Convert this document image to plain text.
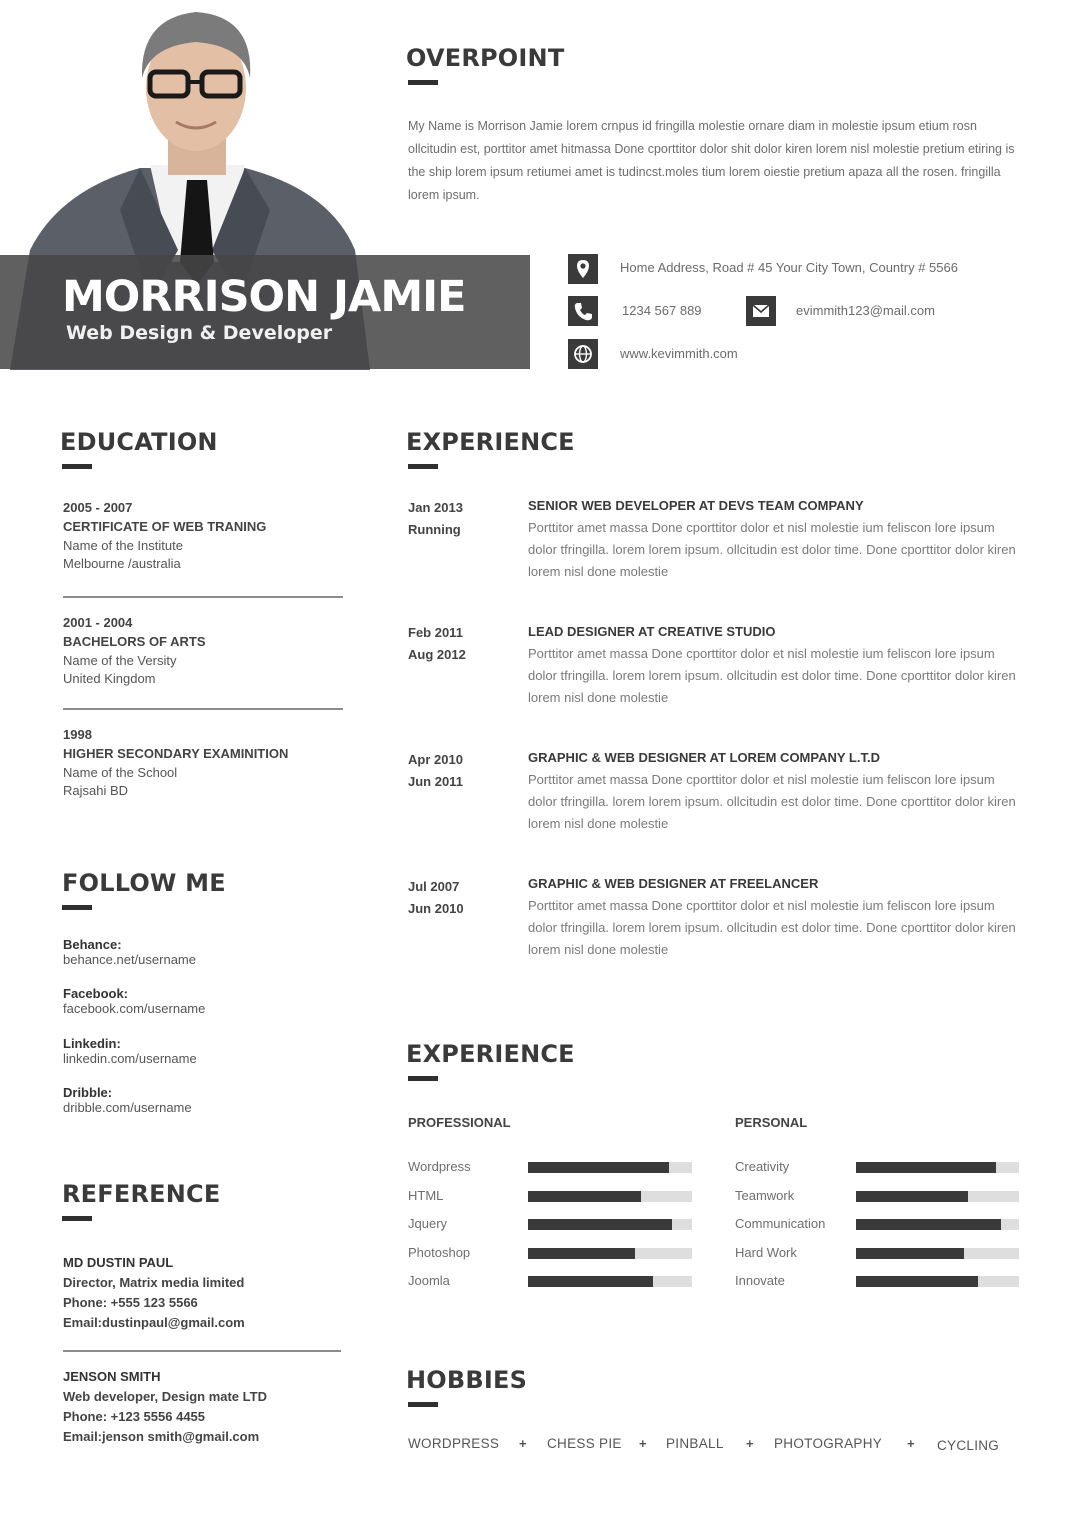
MORRISON JAMIE
Web Design & Developer
OVERPOINT
My Name is Morrison Jamie lorem crnpus id fringilla molestie ornare diam in molestie ipsum etium rosn ollcitudin est, porttitor amet hitmassa Done cporttitor dolor shit dolor kiren lorem nisl molestie pretium etiring is the ship lorem ipsum retiumei amet is tudincst.moles tium lorem oiestie pretium apaza all the rosen. fringilla lorem ipsum.
Home Address, Road # 45 Your City Town, Country # 5566
1234 567 889	evimmith123@mail.com
www.kevimmith.com
EDUCATION
2005 - 2007
CERTIFICATE OF WEB TRANING
Name of the Institute
Melbourne /australia
2001 - 2004
BACHELORS OF ARTS
Name of the Versity
United Kingdom
1998
HIGHER SECONDARY EXAMINITION
Name of the School
Rajsahi BD
FOLLOW ME
Behance:
behance.net/username
Facebook:
facebook.com/username
Linkedin:
linkedin.com/username
Dribble:
dribble.com/username
REFERENCE
MD DUSTIN PAUL
Director, Matrix media limited
Phone: +555 123 5566
Email:dustinpaul@gmail.com
JENSON SMITH
Web developer, Design mate LTD
Phone: +123 5556 4455
Email:jenson smith@gmail.com
EXPERIENCE
Jan 2013
Running
SENIOR WEB DEVELOPER AT DEVS TEAM COMPANY
Porttitor amet massa Done cporttitor dolor et nisl molestie ium feliscon lore ipsum dolor tfringilla. lorem lorem ipsum. ollcitudin est dolor time. Done cporttitor dolor kiren lorem nisl done molestie
Feb 2011
Aug 2012
LEAD DESIGNER AT CREATIVE STUDIO
Porttitor amet massa Done cporttitor dolor et nisl molestie ium feliscon lore ipsum dolor tfringilla. lorem lorem ipsum. ollcitudin est dolor time. Done cporttitor dolor kiren lorem nisl done molestie
Apr 2010
Jun 2011
GRAPHIC & WEB DESIGNER AT LOREM COMPANY L.T.D
Porttitor amet massa Done cporttitor dolor et nisl molestie ium feliscon lore ipsum dolor tfringilla. lorem lorem ipsum. ollcitudin est dolor time. Done cporttitor dolor kiren lorem nisl done molestie
Jul 2007
Jun 2010
GRAPHIC & WEB DESIGNER AT FREELANCER
Porttitor amet massa Done cporttitor dolor et nisl molestie ium feliscon lore ipsum dolor tfringilla. lorem lorem ipsum. ollcitudin est dolor time. Done cporttitor dolor kiren lorem nisl done molestie
EXPERIENCE
PROFESSIONAL	PERSONAL
Wordpress
HTML
Jquery
Photoshop
Joomla
Creativity
Teamwork
Communication
Hard Work
Innovate
HOBBIES
WORDPRESS + CHESS PIE + PINBALL + PHOTOGRAPHY + CYCLING
